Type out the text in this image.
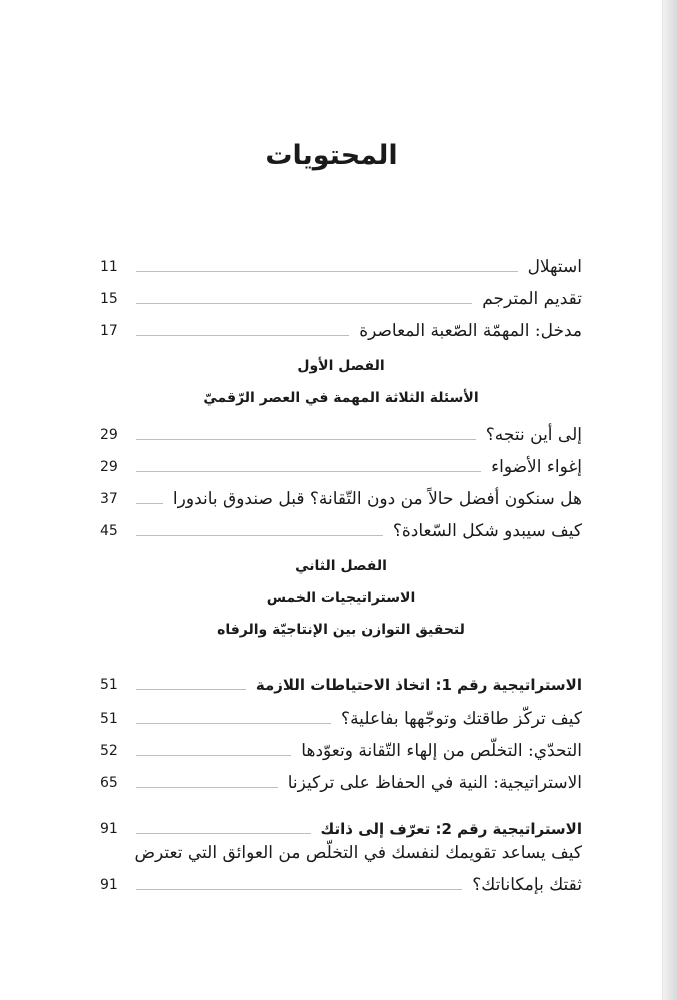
المحتويات
استهلال
11
تقديم المترجم
15
مدخل: المهمّة الصّعبة المعاصرة
17
الفصل الأول
الأسئلة الثلاثة المهمة في العصر الرّقميّ
إلى أين نتجه؟
29
إغواء الأضواء
29
هل سنكون أفضل حالاً من دون التّقانة؟ قبل صندوق باندورا
37
كيف سيبدو شكل السّعادة؟
45
الفصل الثاني
الاستراتيجيات الخمس
لتحقيق التوازن بين الإنتاجيّة والرفاه
الاستراتيجية رقم 1: اتخاذ الاحتياطات اللازمة
51
كيف تركّز طاقتك وتوجّهها بفاعلية؟
51
التحدّي: التخلّص من إلهاء التّقانة وتعوّدها
52
الاستراتيجية: النية في الحفاظ على تركيزنا
65
الاستراتيجية رقم 2: تعرّف إلى ذاتك
91
كيف يساعد تقويمك لنفسك في التخلّص من العوائق التي تعترض
ثقتك بإمكاناتك؟
91
